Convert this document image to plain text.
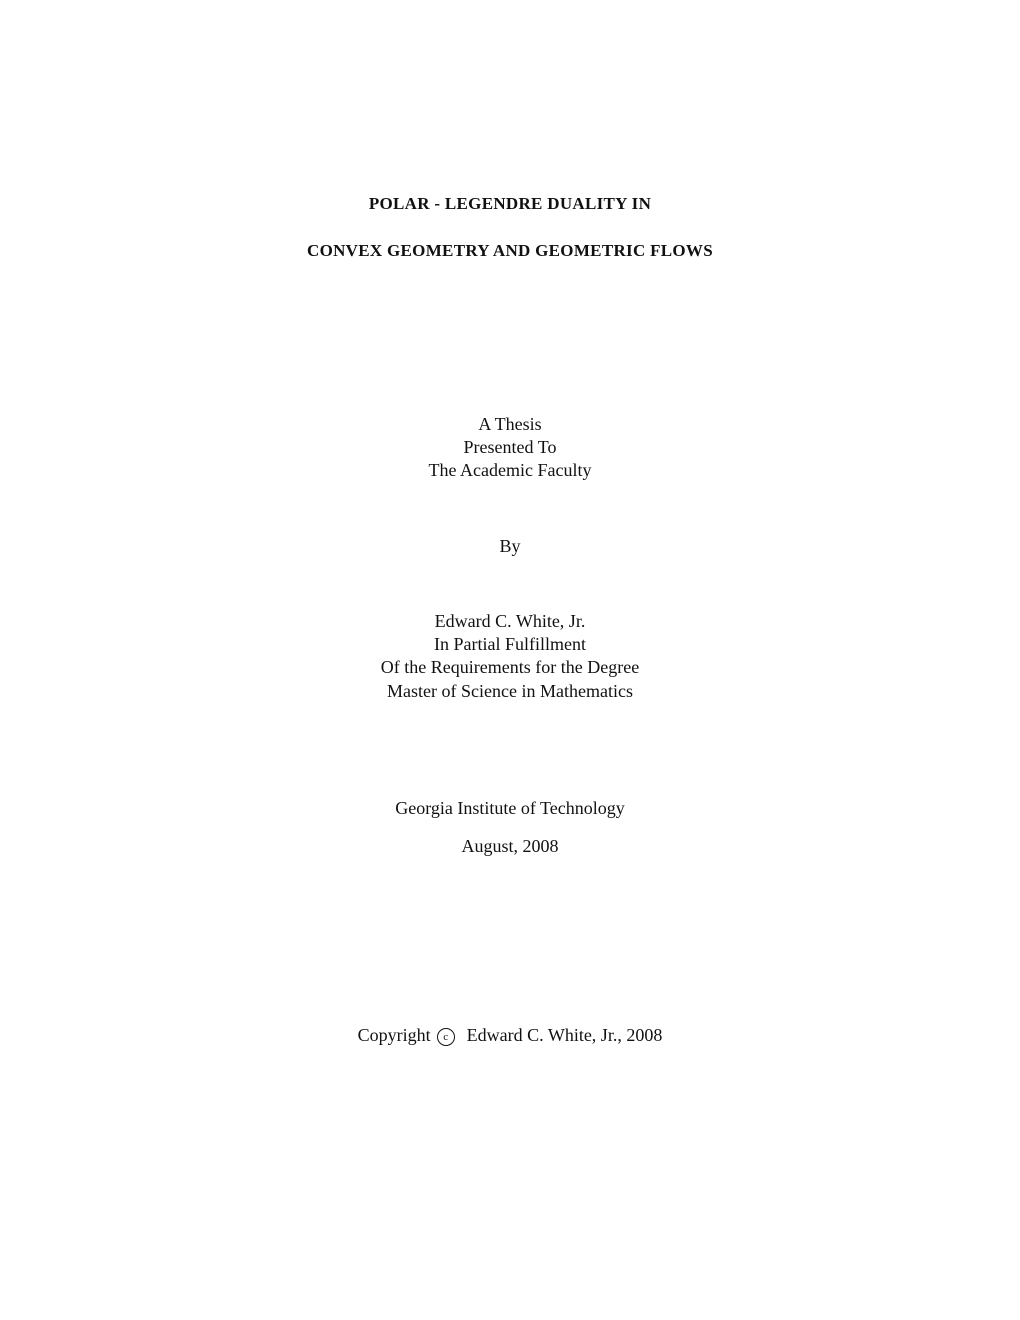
POLAR - LEGENDRE DUALITY IN
CONVEX GEOMETRY AND GEOMETRIC FLOWS
A Thesis
Presented To
The Academic Faculty
By
Edward C. White, Jr.
In Partial Fulfillment
Of the Requirements for the Degree
Master of Science in Mathematics
Georgia Institute of Technology
August, 2008
Copyright c Edward C. White, Jr., 2008
